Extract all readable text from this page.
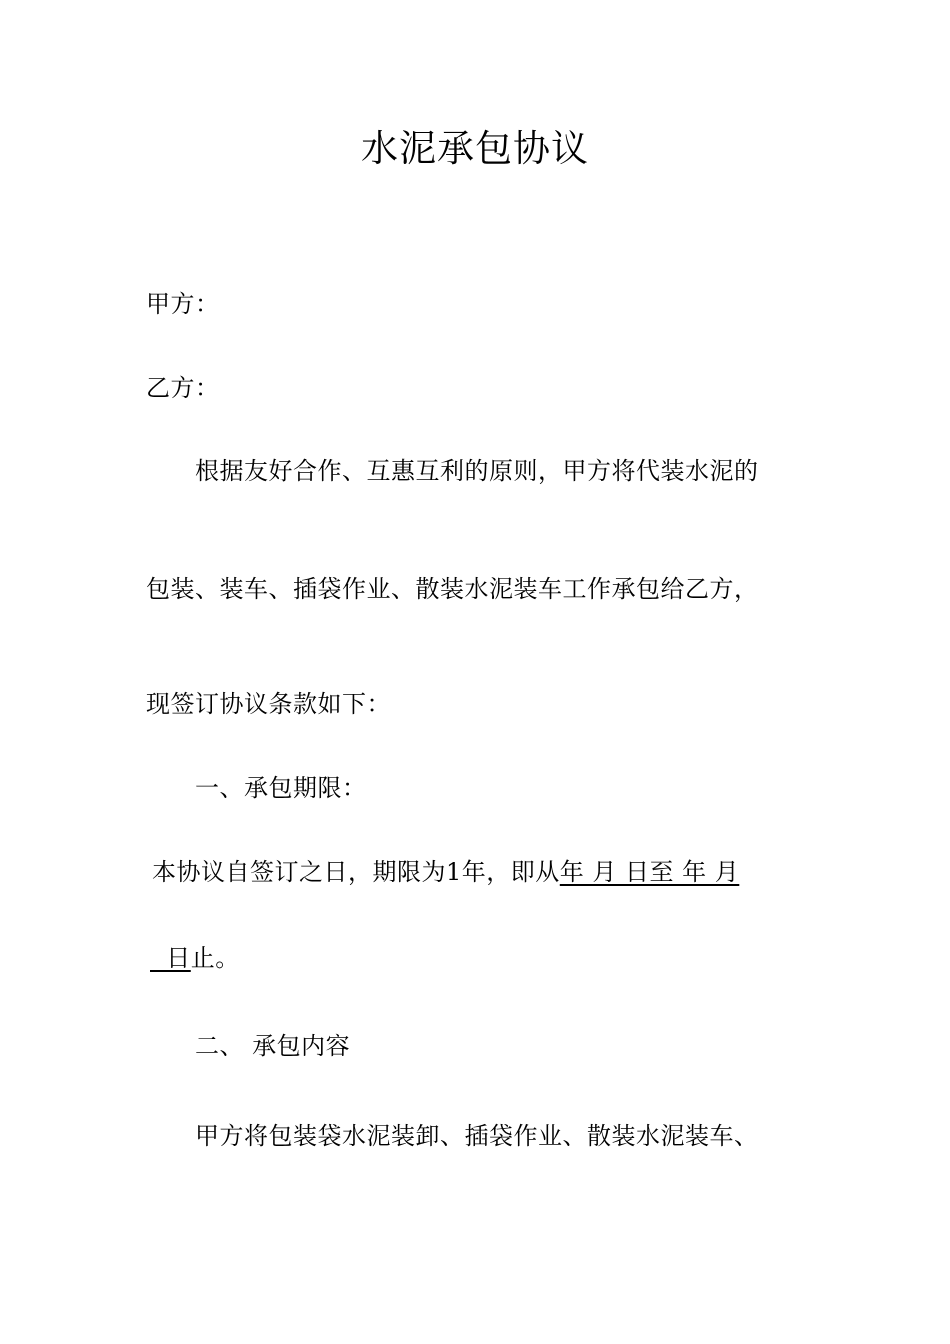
水泥承包协议
甲方：
乙方：
根据友好合作、互惠互利的原则，甲方将代装水泥的
包装、装车、插袋作业、散装水泥装车工作承包给乙方，
现签订协议条款如下：
一、承包期限：
本协议自签订之日，期限为1年，即从年 月 日至 年 月
日止。
二、 承包内容
甲方将包装袋水泥装卸、插袋作业、散装水泥装车、
